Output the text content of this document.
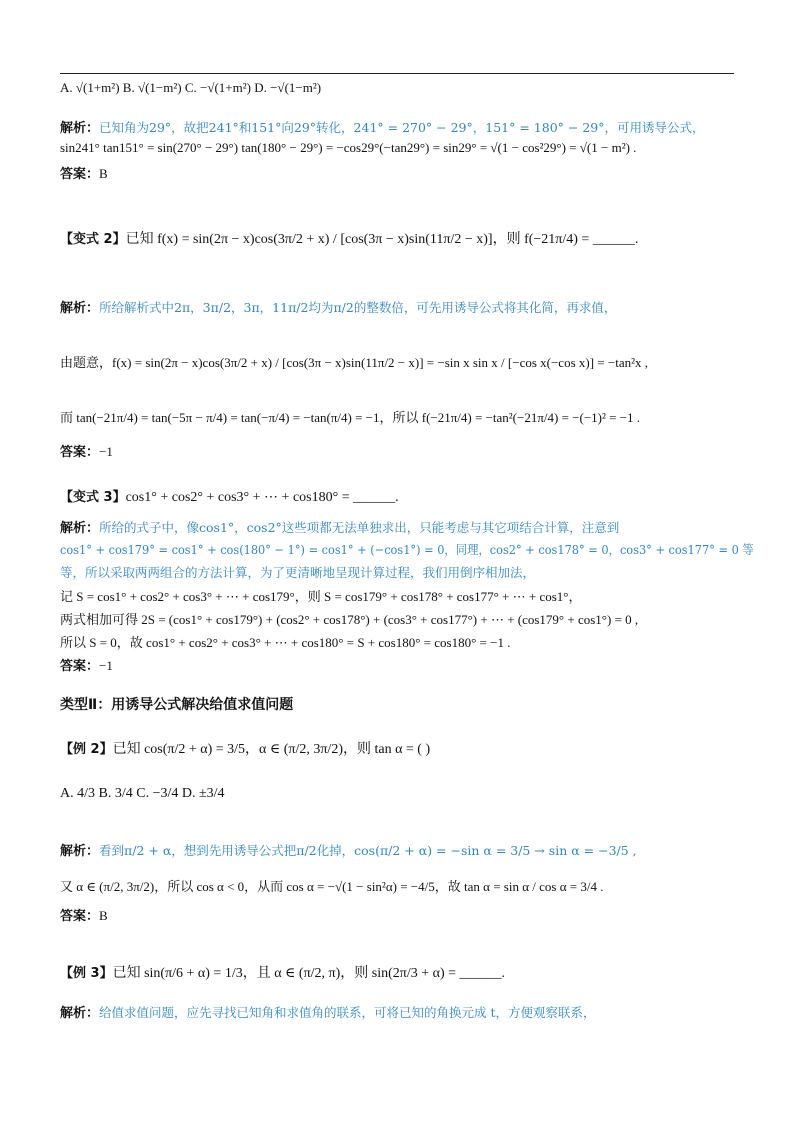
A. √(1+m²) B. √(1−m²) C. −√(1+m²) D. −√(1−m²)
解析：已知角为29°，故把241°和151°向29°转化，241° = 270° − 29°，151° = 180° − 29°，可用诱导公式，
sin241° tan151° = sin(270° − 29°) tan(180° − 29°) = −cos29°(−tan29°) = sin29° = √(1 − cos²29°) = √(1 − m²) .
答案：B
【变式 2】已知 f(x) = sin(2π − x)cos(3π/2 + x) / [cos(3π − x)sin(11π/2 − x)]，则 f(−21π/4) = ______.
解析：所给解析式中2π，3π/2，3π，11π/2均为π/2的整数倍，可先用诱导公式将其化简，再求值，
由题意，f(x) = sin(2π − x)cos(3π/2 + x) / [cos(3π − x)sin(11π/2 − x)] = −sin x sin x / [−cos x(−cos x)] = −tan²x ,
而 tan(−21π/4) = tan(−5π − π/4) = tan(−π/4) = −tan(π/4) = −1，所以 f(−21π/4) = −tan²(−21π/4) = −(−1)² = −1 .
答案：−1
【变式 3】cos1° + cos2° + cos3° + ⋯ + cos180° = ______.
解析：所给的式子中，像cos1°，cos2°这些项都无法单独求出，只能考虑与其它项结合计算，注意到
cos1° + cos179° = cos1° + cos(180° − 1°) = cos1° + (−cos1°) = 0，同理，cos2° + cos178° = 0，cos3° + cos177° = 0 等
等，所以采取两两组合的方法计算，为了更清晰地呈现计算过程，我们用倒序相加法，
记 S = cos1° + cos2° + cos3° + ⋯ + cos179°，则 S = cos179° + cos178° + cos177° + ⋯ + cos1°，
两式相加可得 2S = (cos1° + cos179°) + (cos2° + cos178°) + (cos3° + cos177°) + ⋯ + (cos179° + cos1°) = 0 ,
所以 S = 0，故 cos1° + cos2° + cos3° + ⋯ + cos180° = S + cos180° = cos180° = −1 .
答案：−1
类型Ⅱ：用诱导公式解决给值求值问题
【例 2】已知 cos(π/2 + α) = 3/5，α ∈ (π/2, 3π/2)，则 tan α = ( )
A. 4/3 B. 3/4 C. −3/4 D. ±3/4
解析：看到π/2 + α，想到先用诱导公式把π/2化掉，cos(π/2 + α) = −sin α = 3/5 → sin α = −3/5 ,
又 α ∈ (π/2, 3π/2)，所以 cos α < 0，从而 cos α = −√(1 − sin²α) = −4/5，故 tan α = sin α / cos α = 3/4 .
答案：B
【例 3】已知 sin(π/6 + α) = 1/3，且 α ∈ (π/2, π)，则 sin(2π/3 + α) = ______.
解析：给值求值问题，应先寻找已知角和求值角的联系，可将已知的角换元成 t，方便观察联系，
